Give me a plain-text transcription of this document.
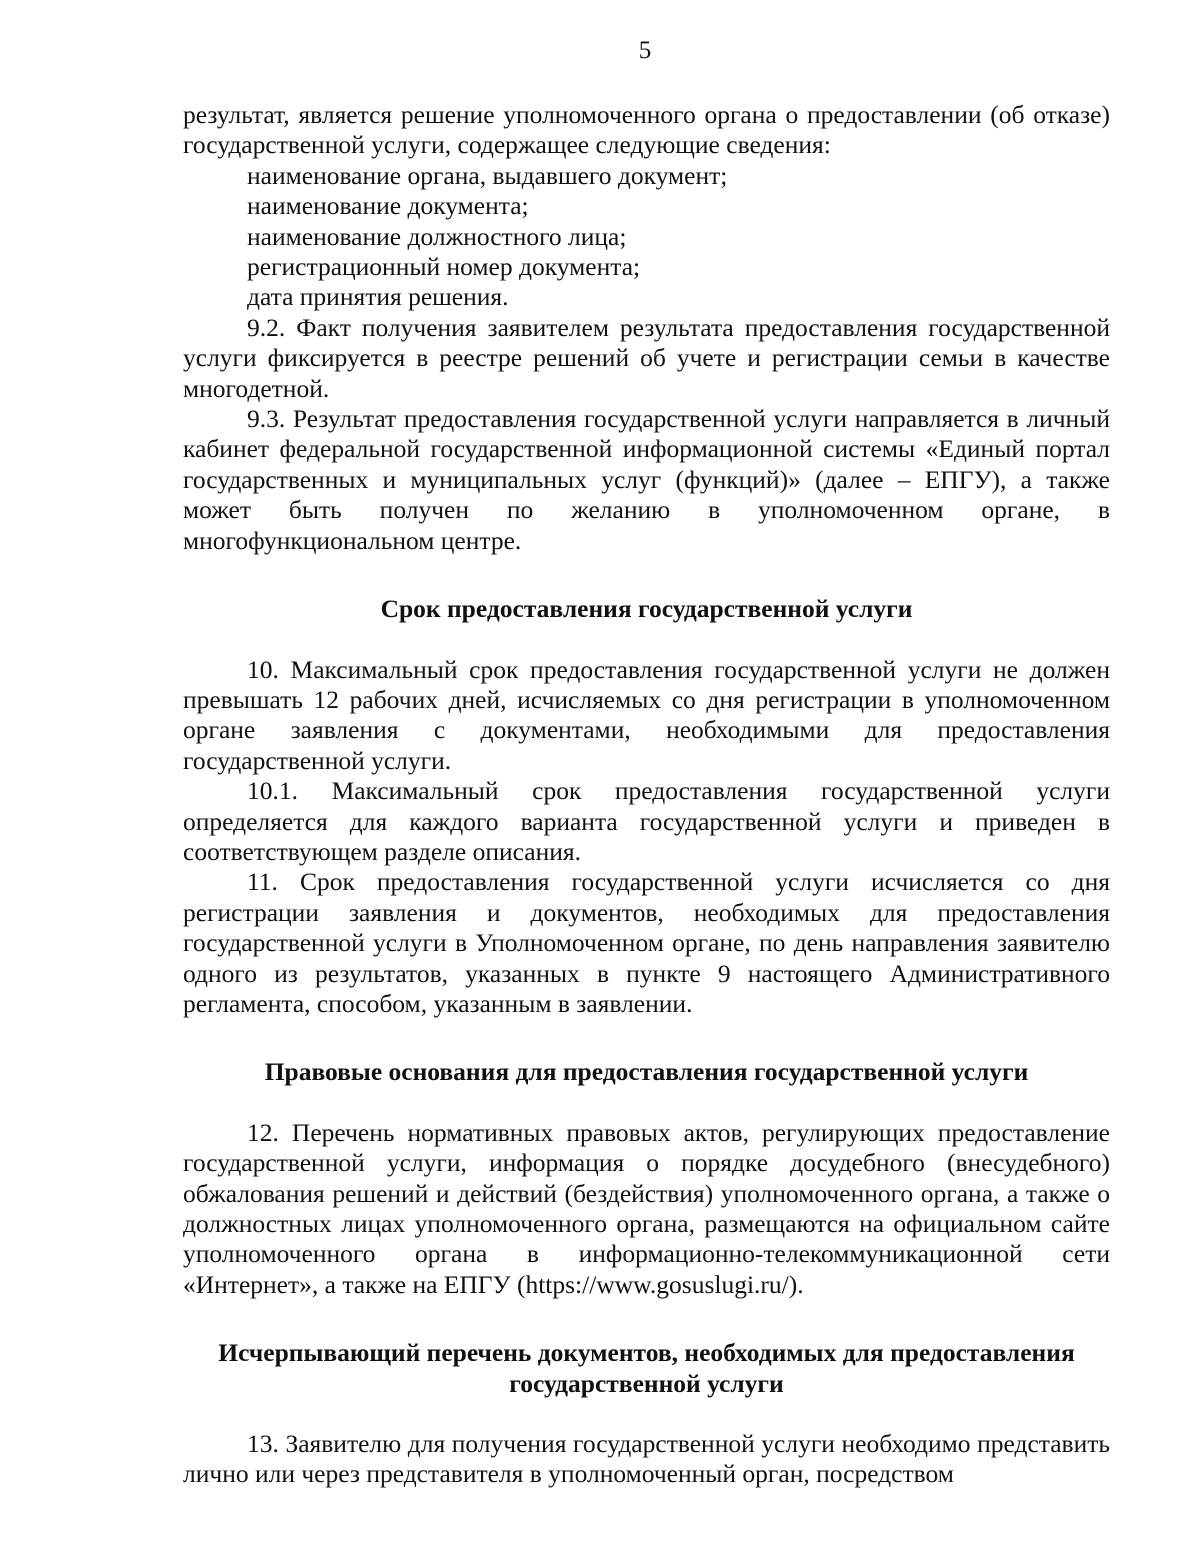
5

результат, является решение уполномоченного органа о предоставлении (об отказе) государственной услуги, содержащее следующие сведения:

наименование органа, выдавшего документ;

наименование документа;

наименование должностного лица;

регистрационный номер документа;

дата принятия решения.

9.2. Факт получения заявителем результата предоставления государственной услуги фиксируется в реестре решений об учете и регистрации семьи в качестве многодетной.

9.3. Результат предоставления государственной услуги направляется в личный кабинет федеральной государственной информационной системы «Единый портал государственных и муниципальных услуг (функций)» (далее – ЕПГУ), а также может быть получен по желанию в уполномоченном органе, в многофункциональном центре.

Срок предоставления государственной услуги

10. Максимальный срок предоставления государственной услуги не должен превышать 12 рабочих дней, исчисляемых со дня регистрации в уполномоченном органе заявления с документами, необходимыми для предоставления государственной услуги.

10.1. Максимальный срок предоставления государственной услуги определяется для каждого варианта государственной услуги и приведен в соответствующем разделе описания.

11. Срок предоставления государственной услуги исчисляется со дня регистрации заявления и документов, необходимых для предоставления государственной услуги в Уполномоченном органе, по день направления заявителю одного из результатов, указанных в пункте 9 настоящего Административного регламента, способом, указанным в заявлении.

Правовые основания для предоставления государственной услуги

12. Перечень нормативных правовых актов, регулирующих предоставление государственной услуги, информация о порядке досудебного (внесудебного) обжалования решений и действий (бездействия) уполномоченного органа, а также о должностных лицах уполномоченного органа, размещаются на официальном сайте уполномоченного органа в информационно-телекоммуникационной сети «Интернет», а также на ЕПГУ (https://www.gosuslugi.ru/).

Исчерпывающий перечень документов, необходимых для предоставления
государственной услуги

13. Заявителю для получения государственной услуги необходимо представить лично или через представителя в уполномоченный орган, посредством
